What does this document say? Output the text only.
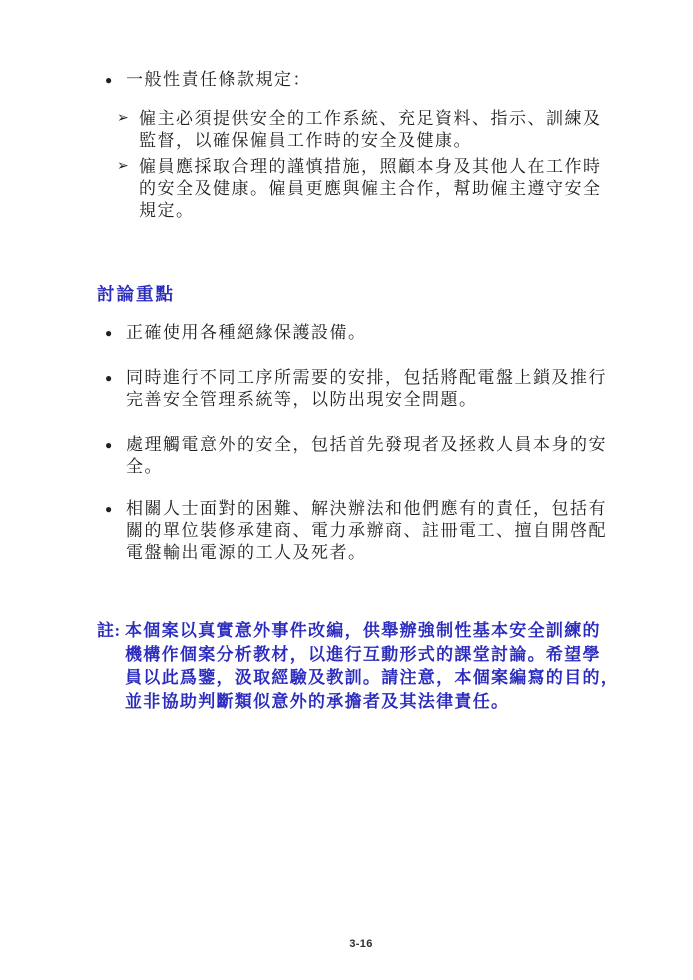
● 一般性責任條款規定：
➢ 僱主必須提供安全的工作系統、充足資料、指示、訓練及
監督，以確保僱員工作時的安全及健康。
➢ 僱員應採取合理的謹慎措施，照顧本身及其他人在工作時
的安全及健康。僱員更應與僱主合作，幫助僱主遵守安全
規定。
討論重點
● 正確使用各種絕緣保護設備。
● 同時進行不同工序所需要的安排，包括將配電盤上鎖及推行
完善安全管理系統等，以防出現安全問題。
● 處理觸電意外的安全，包括首先發現者及拯救人員本身的安
全。
● 相關人士面對的困難、解決辦法和他們應有的責任，包括有
關的單位裝修承建商、電力承辦商、註冊電工、擅自開啓配
電盤輸出電源的工人及死者。
註: 本個案以真實意外事件改編，供舉辦強制性基本安全訓練的
機構作個案分析教材，以進行互動形式的課堂討論。希望學
員以此爲鑒，汲取經驗及教訓。請注意，本個案編寫的目的，
並非協助判斷類似意外的承擔者及其法律責任。
3-16
